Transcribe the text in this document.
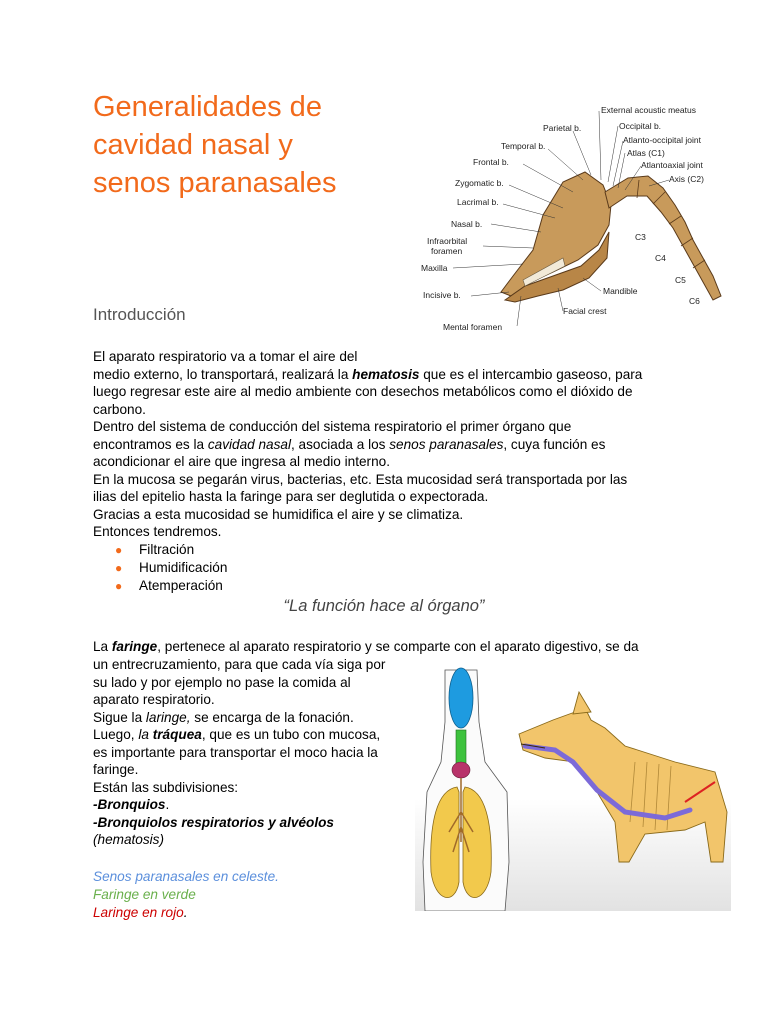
Generalidades de
cavidad nasal y
senos paranasales
Parietal b.
Temporal b.
Frontal b.
Zygomatic b.
Lacrimal b.
Nasal b.
Infraorbital
foramen
Maxilla
Incisive b.
Mental foramen
External acoustic meatus
Occipital b.
Atlanto-occipital joint
Atlas (C1)
Atlantoaxial joint
Axis (C2)
C3
C4
C5
C6
Mandible
Facial crest
Introducción
El aparato respiratorio va a tomar el aire del
medio externo, lo transportará, realizará la hematosis que es el intercambio gaseoso, para
luego regresar este aire al medio ambiente con desechos metabólicos como el dióxido de
carbono.
Dentro del sistema de conducción del sistema respiratorio el primer órgano que
encontramos es la cavidad nasal, asociada a los senos paranasales, cuya función es
acondicionar el aire que ingresa al medio interno.
En la mucosa se pegarán virus, bacterias, etc. Esta mucosidad será transportada por las
ilias del epitelio hasta la faringe para ser deglutida o expectorada.
Gracias a esta mucosidad se humidifica el aire y se climatiza.
Entonces tendremos.
● Filtración
● Humidificación
● Atemperación
“La función hace al órgano”
La faringe, pertenece al aparato respiratorio y se comparte con el aparato digestivo, se da
un entrecruzamiento, para que cada vía siga por
su lado y por ejemplo no pase la comida al
aparato respiratorio.
Sigue la laringe, se encarga de la fonación.
Luego, la tráquea, que es un tubo con mucosa,
es importante para transportar el moco hacia la
faringe.
Están las subdivisiones:
-Bronquios.
-Bronquiolos respiratorios y alvéolos
(hematosis)
Senos paranasales en celeste.
Faringe en verde
Laringe en rojo.
